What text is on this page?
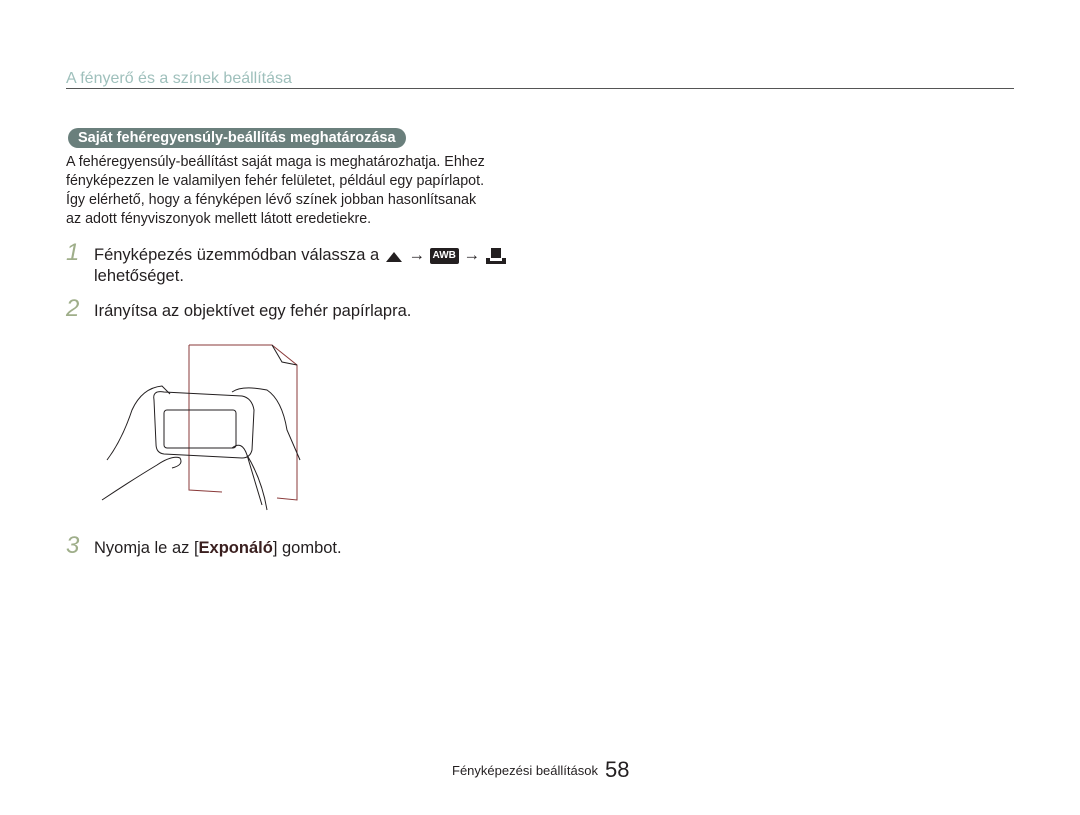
A fényerő és a színek beállítása
Saját fehéregyensúly-beállítás meghatározása
A fehéregyensúly-beállítást saját maga is meghatározhatja. Ehhez
fényképezzen le valamilyen fehér felületet, például egy papírlapot.
Így elérhető, hogy a fényképen lévő színek jobban hasonlítsanak
az adott fényviszonyok mellett látott eredetiekre.
1 Fényképezés üzemmódban válassza a → AWB →
lehetőséget.
2 Irányítsa az objektívet egy fehér papírlapra.
3 Nyomja le az [Exponáló] gombot.
Fényképezési beállítások 58
